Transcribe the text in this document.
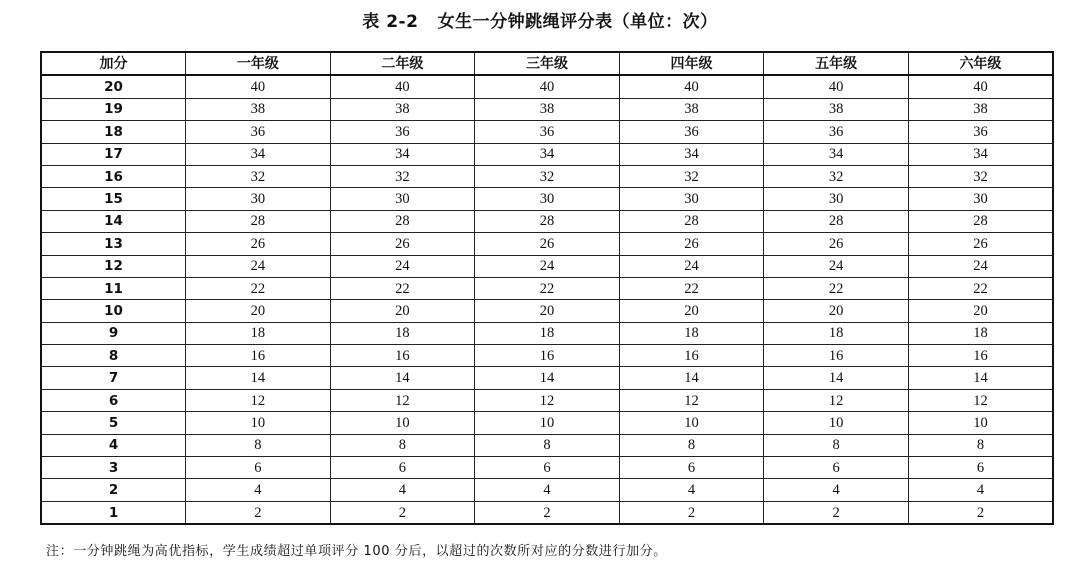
表 2-2   女生一分钟跳绳评分表（单位：次）
加分	一年级	二年级	三年级	四年级	五年级	六年级
20	40	40	40	40	40	40
19	38	38	38	38	38	38
18	36	36	36	36	36	36
17	34	34	34	34	34	34
16	32	32	32	32	32	32
15	30	30	30	30	30	30
14	28	28	28	28	28	28
13	26	26	26	26	26	26
12	24	24	24	24	24	24
11	22	22	22	22	22	22
10	20	20	20	20	20	20
9	18	18	18	18	18	18
8	16	16	16	16	16	16
7	14	14	14	14	14	14
6	12	12	12	12	12	12
5	10	10	10	10	10	10
4	8	8	8	8	8	8
3	6	6	6	6	6	6
2	4	4	4	4	4	4
1	2	2	2	2	2	2
注：一分钟跳绳为高优指标，学生成绩超过单项评分 100 分后，以超过的次数所对应的分数进行加分。
